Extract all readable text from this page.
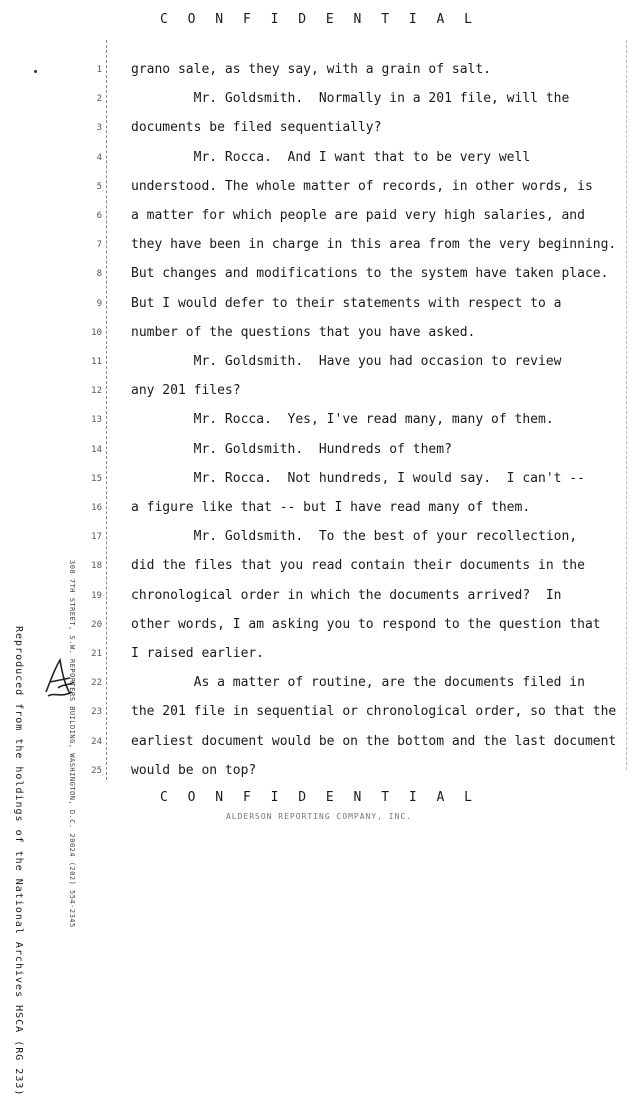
C O N F I D E N T I A L
Reproduced from the holdings of the National Archives HSCA (RG 233)	300 7TH STREET, S.W. REPORTERS BUILDING, WASHINGTON, D.C. 20024 (202) 554-2345
1 grano sale, as they say, with a grain of salt.
2 Mr. Goldsmith.  Normally in a 201 file, will the
3 documents be filed sequentially?
4 Mr. Rocca.  And I want that to be very well
5 understood. The whole matter of records, in other words, is
6 a matter for which people are paid very high salaries, and
7 they have been in charge in this area from the very beginning.
8 But changes and modifications to the system have taken place.
9 But I would defer to their statements with respect to a
10 number of the questions that you have asked.
11 Mr. Goldsmith.  Have you had occasion to review
12 any 201 files?
13 Mr. Rocca.  Yes, I've read many, many of them.
14 Mr. Goldsmith.  Hundreds of them?
15 Mr. Rocca.  Not hundreds, I would say.  I can't --
16 a figure like that -- but I have read many of them.
17 Mr. Goldsmith.  To the best of your recollection,
18 did the files that you read contain their documents in the
19 chronological order in which the documents arrived?  In
20 other words, I am asking you to respond to the question that
21 I raised earlier.
22 As a matter of routine, are the documents filed in
23 the 201 file in sequential or chronological order, so that the
24 earliest document would be on the bottom and the last document
25 would be on top?
C O N F I D E N T I A L
ALDERSON REPORTING COMPANY, INC.
